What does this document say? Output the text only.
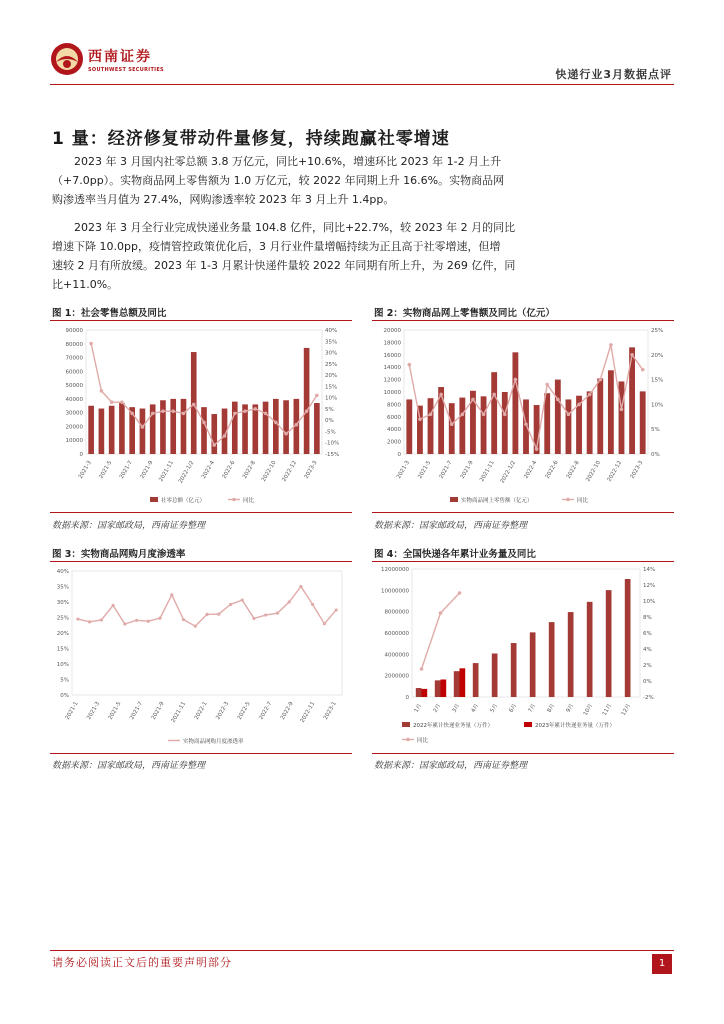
西南证券
SOUTHWEST SECURITIES	快递行业3月数据点评
1 量：经济修复带动件量修复，持续跑赢社零增速
2023 年 3 月国内社零总额 3.8 万亿元，同比+10.6%，增速环比 2023 年 1-2 月上升
（+7.0pp）。实物商品网上零售额为 1.0 万亿元，较 2022 年同期上升 16.6%。实物商品网
购渗透率当月值为 27.4%，网购渗透率较 2023 年 3 月上升 1.4pp。
2023 年 3 月全行业完成快递业务量 104.8 亿件，同比+22.7%，较 2023 年 2 月的同比
增速下降 10.0pp，疫情管控政策优化后，3 月行业件量增幅持续为正且高于社零增速，但增
速较 2 月有所放缓。2023 年 1-3 月累计快递件量较 2022 年同期有所上升，为 269 亿件，同
比+11.0%。
图 1：社会零售总额及同比	图 2：实物商品网上零售额及同比（亿元）
90000
80000
70000
60000
50000
40000
30000
20000
10000
0
40%
35%
30%
25%
20%
15%
10%
5%
0%
-5%
-10%
-15%
2021-3 2021-5 2021-7 2021-9 2021-11 2022-1/2 2022-4 2022-6 2022-8 2022-10 2022-12 2023-3
社零总额（亿元）	同比
20000
18000
16000
14000
12000
10000
8000
6000
4000
2000
0
25%
20%
15%
10%
5%
0%
2021-3 2021-5 2021-7 2021-9 2021-11 2022-1/2 2022-4 2022-6 2022-8 2022-10 2022-12 2023-3
实物商品网上零售额（亿元）	同比
数据来源：国家邮政局，西南证券整理	数据来源：国家邮政局，西南证券整理
图 3：实物商品网购月度渗透率	图 4：全国快递各年累计业务量及同比
40%
35%
30%
25%
20%
15%
10%
5%
0%
2021-1 2021-3 2021-5 2021-7 2021-9 2021-11 2022-1 2022-3 2022-5 2022-7 2022-9 2022-11 2023-1
实物商品网购月度渗透率
12000000
10000000
8000000
6000000
4000000
2000000
0
14%
12%
10%
8%
6%
4%
2%
0%
-2%
1月	2月	3月	4月	5月	6月	7月	8月	9月	10月	11月	12月
2022年累计快递业务量（万件）	2023年累计快递业务量（万件）
同比
数据来源：国家邮政局，西南证券整理	数据来源：国家邮政局，西南证券整理
请务必阅读正文后的重要声明部分	1
